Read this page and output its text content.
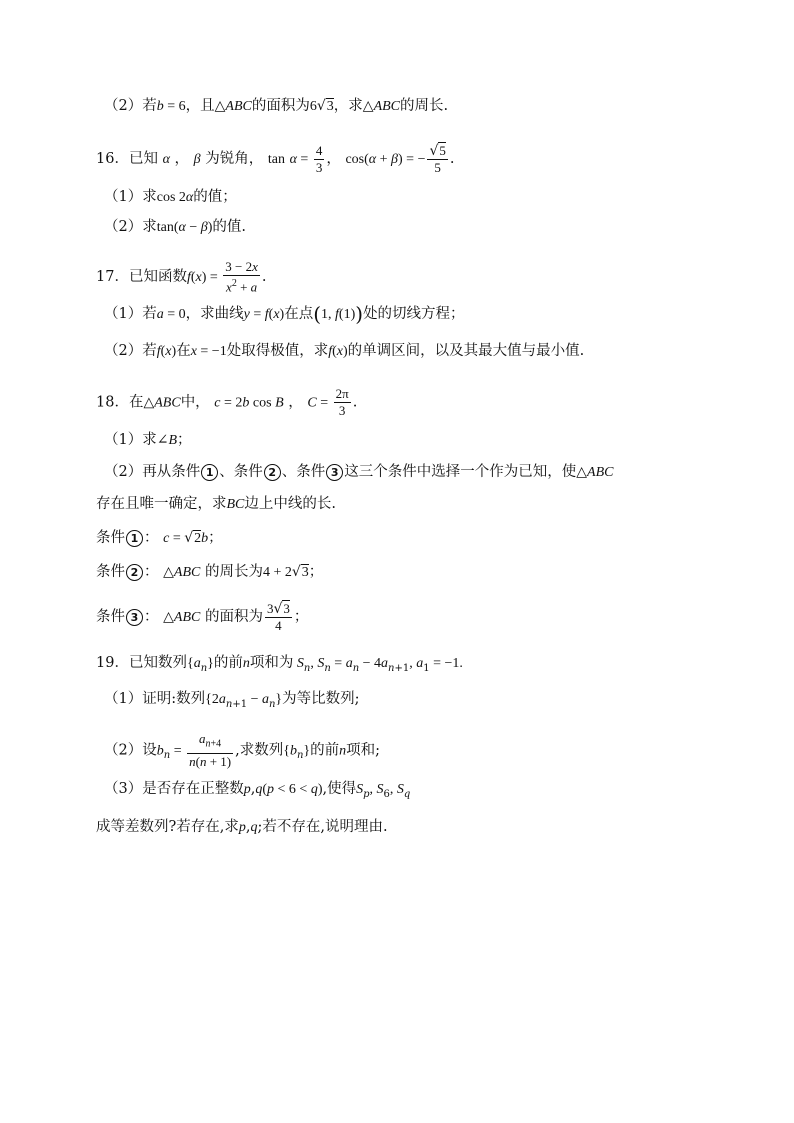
（2）若b = 6，且△ABC的面积为6√3，求△ABC的周长.
16．已知 α ， β 为锐角， $\tan \alpha = \frac{4}{3}$ ， cos(α + β) = − $\frac{√5}{5}$ .
（1）求cos 2α的值；
（2）求tan(α − β)的值.
17．已知函数$f(x) = \frac{3 - 2x}{x^2 + a}$ .
（1）若a = 0，求曲线y = f(x)在点(1, f(1))处的切线方程；
（2）若f(x)在x = −1处取得极值，求f(x)的单调区间，以及其最大值与最小值.
18．在△ABC中， c = 2b cos B ， $C = \frac{2\pi}{3}$ .
（1）求∠B；
（2）再从条件 1 、条件 2 、条件 3 这三个条件中选择一个作为已知，使△ABC
存在且唯一确定，求BC边上中线的长.
条件 1 ： c = √2b；
条件 2 ： △ABC 的周长为4 + 2√3；
条件 3 ： △ABC 的面积为 $\frac{3√3}{4}$ ；
19．已知数列$\{a_n\}$的前n项和为 $S_n$, $S_n = a_n - 4a_{n+1}$, $a_1 = -1$.
（1）证明:数列$\{2a_{n+1} - a_n\}$为等比数列;
（2）设$b_n = \frac{a_{n+4}}{n(n + 1)}$ ,求数列$\{b_n\}$的前n项和;
（3）是否存在正整数p,q(p < 6 < q),使得$S_p$, $S_6$, $S_q$
成等差数列?若存在,求p,q;若不存在,说明理由.
